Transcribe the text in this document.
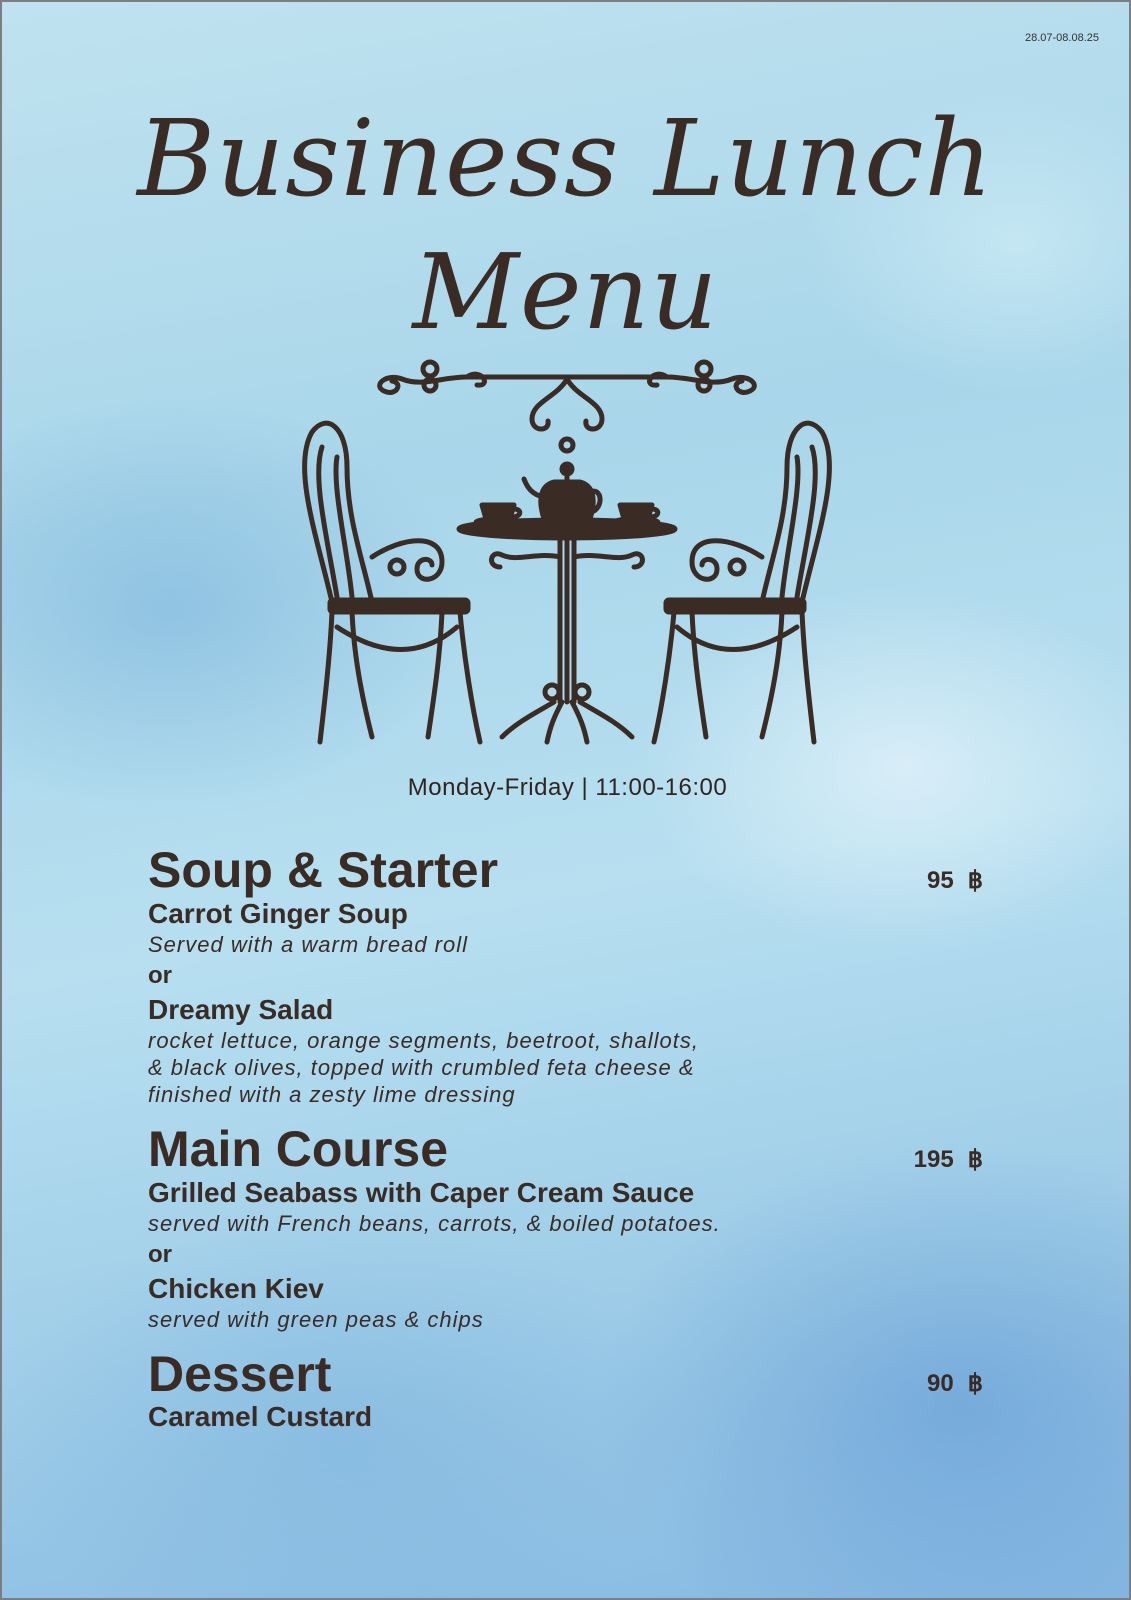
28.07-08.08.25
Business Lunch
Menu
Monday-Friday | 11:00-16:00
Soup & Starter	95 ฿
Carrot Ginger Soup
Served with a warm bread roll
or
Dreamy Salad
rocket lettuce, orange segments, beetroot, shallots,
& black olives, topped with crumbled feta cheese &
finished with a zesty lime dressing
Main Course	195 ฿
Grilled Seabass with Caper Cream Sauce
served with French beans, carrots, & boiled potatoes.
or
Chicken Kiev
served with green peas & chips
Dessert	90 ฿
Caramel Custard
